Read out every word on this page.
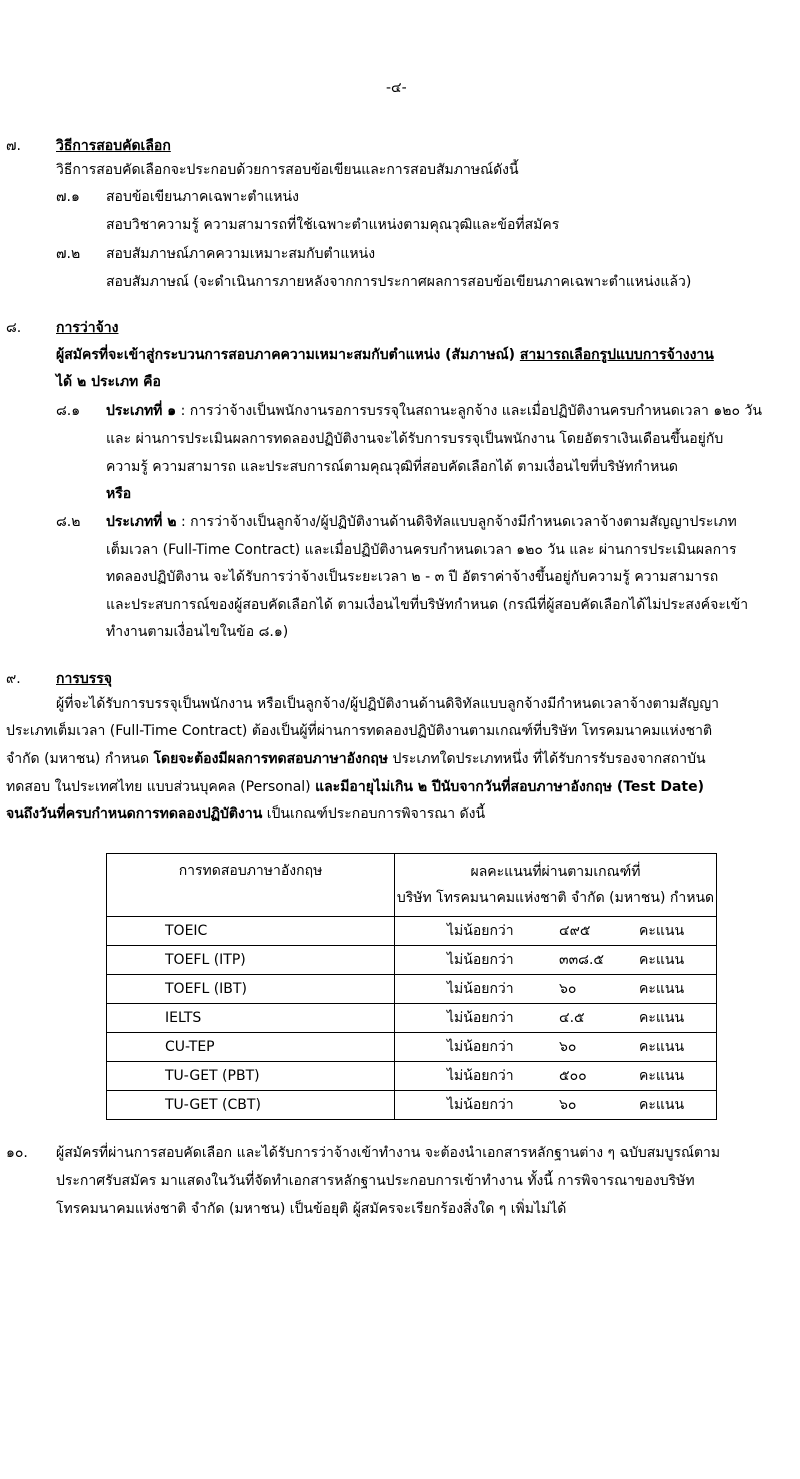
-๔-
๗.	วิธีการสอบคัดเลือก
วิธีการสอบคัดเลือกจะประกอบด้วยการสอบข้อเขียนและการสอบสัมภาษณ์ดังนี้
๗.๑ สอบข้อเขียนภาคเฉพาะตำแหน่ง
สอบวิชาความรู้ ความสามารถที่ใช้เฉพาะตำแหน่งตามคุณวุฒิและข้อที่สมัคร
๗.๒ สอบสัมภาษณ์ภาคความเหมาะสมกับตำแหน่ง
สอบสัมภาษณ์ (จะดำเนินการภายหลังจากการประกาศผลการสอบข้อเขียนภาคเฉพาะตำแหน่งแล้ว)
๘. การว่าจ้าง
ผู้สมัครที่จะเข้าสู่กระบวนการสอบภาคความเหมาะสมกับตำแหน่ง (สัมภาษณ์) สามารถเลือกรูปแบบการจ้างงาน
ได้ ๒ ประเภท คือ
๘.๑ ประเภทที่ ๑ : การว่าจ้างเป็นพนักงานรอการบรรจุในสถานะลูกจ้าง และเมื่อปฏิบัติงานครบกำหนดเวลา ๑๒๐ วัน
และ ผ่านการประเมินผลการทดลองปฏิบัติงานจะได้รับการบรรจุเป็นพนักงาน โดยอัตราเงินเดือนขึ้นอยู่กับ
ความรู้ ความสามารถ และประสบการณ์ตามคุณวุฒิที่สอบคัดเลือกได้ ตามเงื่อนไขที่บริษัทกำหนด
หรือ
๘.๒ ประเภทที่ ๒ : การว่าจ้างเป็นลูกจ้าง/ผู้ปฏิบัติงานด้านดิจิทัลแบบลูกจ้างมีกำหนดเวลาจ้างตามสัญญาประเภท
เต็มเวลา (Full-Time Contract) และเมื่อปฏิบัติงานครบกำหนดเวลา ๑๒๐ วัน และ ผ่านการประเมินผลการ
ทดลองปฏิบัติงาน จะได้รับการว่าจ้างเป็นระยะเวลา ๒ - ๓ ปี อัตราค่าจ้างขึ้นอยู่กับความรู้ ความสามารถ
และประสบการณ์ของผู้สอบคัดเลือกได้ ตามเงื่อนไขที่บริษัทกำหนด (กรณีที่ผู้สอบคัดเลือกได้ไม่ประสงค์จะเข้า
ทำงานตามเงื่อนไขในข้อ ๘.๑)
๙.	การบรรจุ
ผู้ที่จะได้รับการบรรจุเป็นพนักงาน หรือเป็นลูกจ้าง/ผู้ปฏิบัติงานด้านดิจิทัลแบบลูกจ้างมีกำหนดเวลาจ้างตามสัญญา
ประเภทเต็มเวลา (Full-Time Contract) ต้องเป็นผู้ที่ผ่านการทดลองปฏิบัติงานตามเกณฑ์ที่บริษัท โทรคมนาคมแห่งชาติ
จำกัด (มหาชน) กำหนด โดยจะต้องมีผลการทดสอบภาษาอังกฤษ ประเภทใดประเภทหนึ่ง ที่ได้รับการรับรองจากสถาบัน
ทดสอบ ในประเทศไทย แบบส่วนบุคคล (Personal) และมีอายุไม่เกิน ๒ ปีนับจากวันที่สอบภาษาอังกฤษ (Test Date)
จนถึงวันที่ครบกำหนดการทดลองปฏิบัติงาน เป็นเกณฑ์ประกอบการพิจารณา ดังนี้
การทดสอบภาษาอังกฤษ	ผลคะแนนที่ผ่านตามเกณฑ์ที่
บริษัท โทรคมนาคมแห่งชาติ จำกัด (มหาชน) กำหนด

TOEIC	ไม่น้อยกว่า ๔๙๕ คะแนน
TOEFL (ITP)	ไม่น้อยกว่า ๓๓๘.๕ คะแนน
TOEFL (IBT)	ไม่น้อยกว่า ๖๐ คะแนน
IELTS	ไม่น้อยกว่า ๔.๕ คะแนน
CU-TEP	ไม่น้อยกว่า ๖๐ คะแนน
TU-GET (PBT)	ไม่น้อยกว่า ๕๐๐ คะแนน
TU-GET (CBT)	ไม่น้อยกว่า ๖๐ คะแนน
๑๐. ผู้สมัครที่ผ่านการสอบคัดเลือก และได้รับการว่าจ้างเข้าทำงาน จะต้องนำเอกสารหลักฐานต่าง ๆ ฉบับสมบูรณ์ตาม
ประกาศรับสมัคร มาแสดงในวันที่จัดทำเอกสารหลักฐานประกอบการเข้าทำงาน ทั้งนี้ การพิจารณาของบริษัท
โทรคมนาคมแห่งชาติ จำกัด (มหาชน) เป็นข้อยุติ ผู้สมัครจะเรียกร้องสิ่งใด ๆ เพิ่มไม่ได้
